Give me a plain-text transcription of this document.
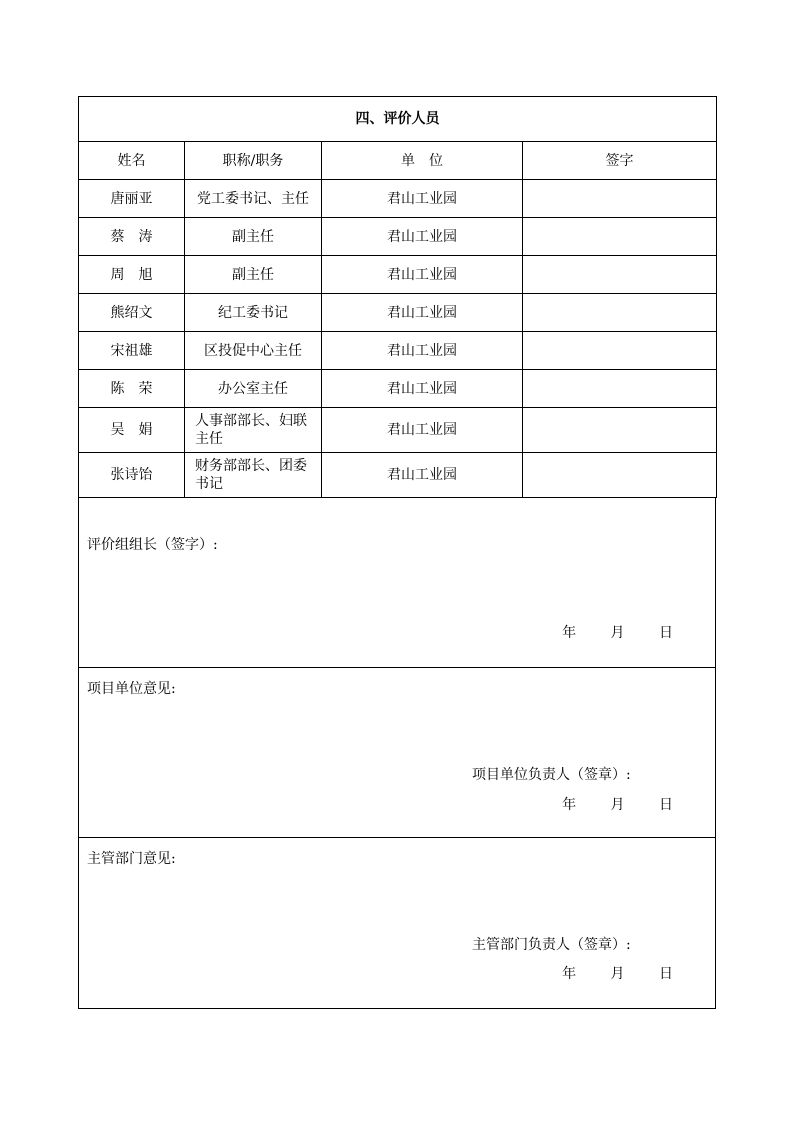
四、评价人员			
姓名	职称/职务	单　位	签字
唐丽亚	党工委书记、主任	君山工业园	
蔡　涛	副主任	君山工业园	
周　旭	副主任	君山工业园	
熊绍文	纪工委书记	君山工业园	
宋祖雄	区投促中心主任	君山工业园	
陈　荣	办公室主任	君山工业园	
吴　娟	人事部部长、妇联主任	君山工业园	
张诗饴	财务部部长、团委书记	君山工业园	
评价组组长（签字）:
年 月 日
项目单位意见:
项目单位负责人（签章）:
年 月 日
主管部门意见:
主管部门负责人（签章）:
年 月 日
